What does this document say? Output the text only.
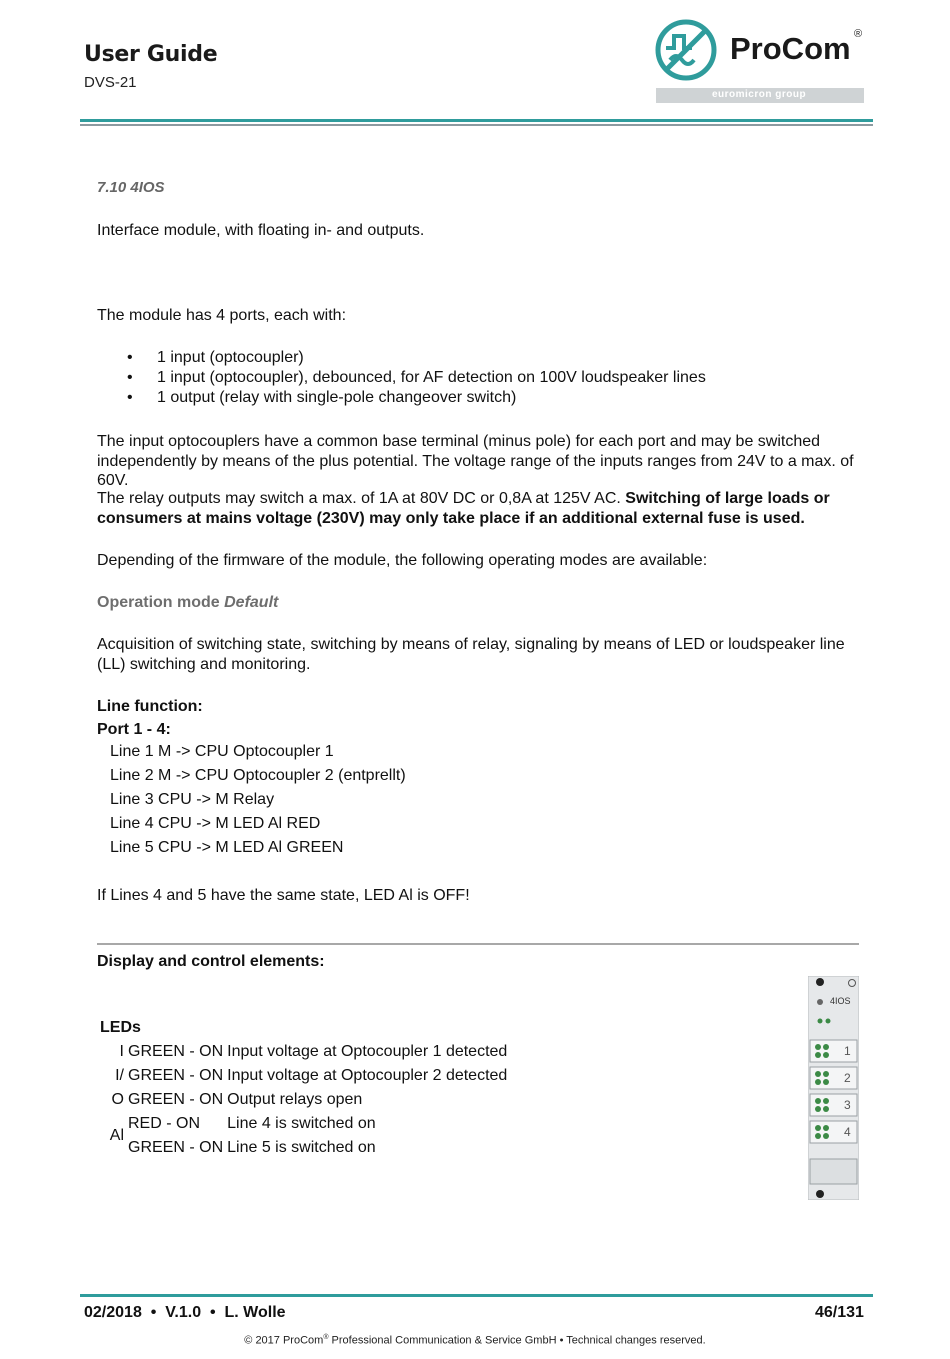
User Guide
DVS-21
ProCom ®
euromicron group
7.10 4IOS
Interface module, with floating in- and outputs.
The module has 4 ports, each with:
• 1 input (optocoupler)
• 1 input (optocoupler), debounced, for AF detection on 100V loudspeaker lines
• 1 output (relay with single-pole changeover switch)
The input optocouplers have a common base terminal (minus pole) for each port and may be switched independently by means of the plus potential. The voltage range of the inputs ranges from 24V to a max. of 60V.
The relay outputs may switch a max. of 1A at 80V DC or 0,8A at 125V AC. Switching of large loads or consumers at mains voltage (230V) may only take place if an additional external fuse is used.
Depending of the firmware of the module, the following operating modes are available:
Operation mode Default
Acquisition of switching state, switching by means of relay, signaling by means of LED or loudspeaker line (LL) switching and monitoring.
Line function:
Port 1 - 4:
Line 1 M -> CPU Optocoupler 1
Line 2 M -> CPU Optocoupler 2 (entprellt)
Line 3 CPU -> M Relay
Line 4 CPU -> M LED Al RED
Line 5 CPU -> M LED Al GREEN
If Lines 4 and 5 have the same state, LED Al is OFF!
Display and control elements:
LEDs
I	GREEN - ON	Input voltage at Optocoupler 1 detected
I/	GREEN - ON	Input voltage at Optocoupler 2 detected
O	GREEN - ON	Output relays open
Al	RED - ON	Line 4 is switched on
	GREEN - ON	Line 5 is switched on
4IOS
1
2
3
4
02/2018  •  V.1.0  •  L. Wolle	46/131
© 2017 ProCom® Professional Communication & Service GmbH • Technical changes reserved.
